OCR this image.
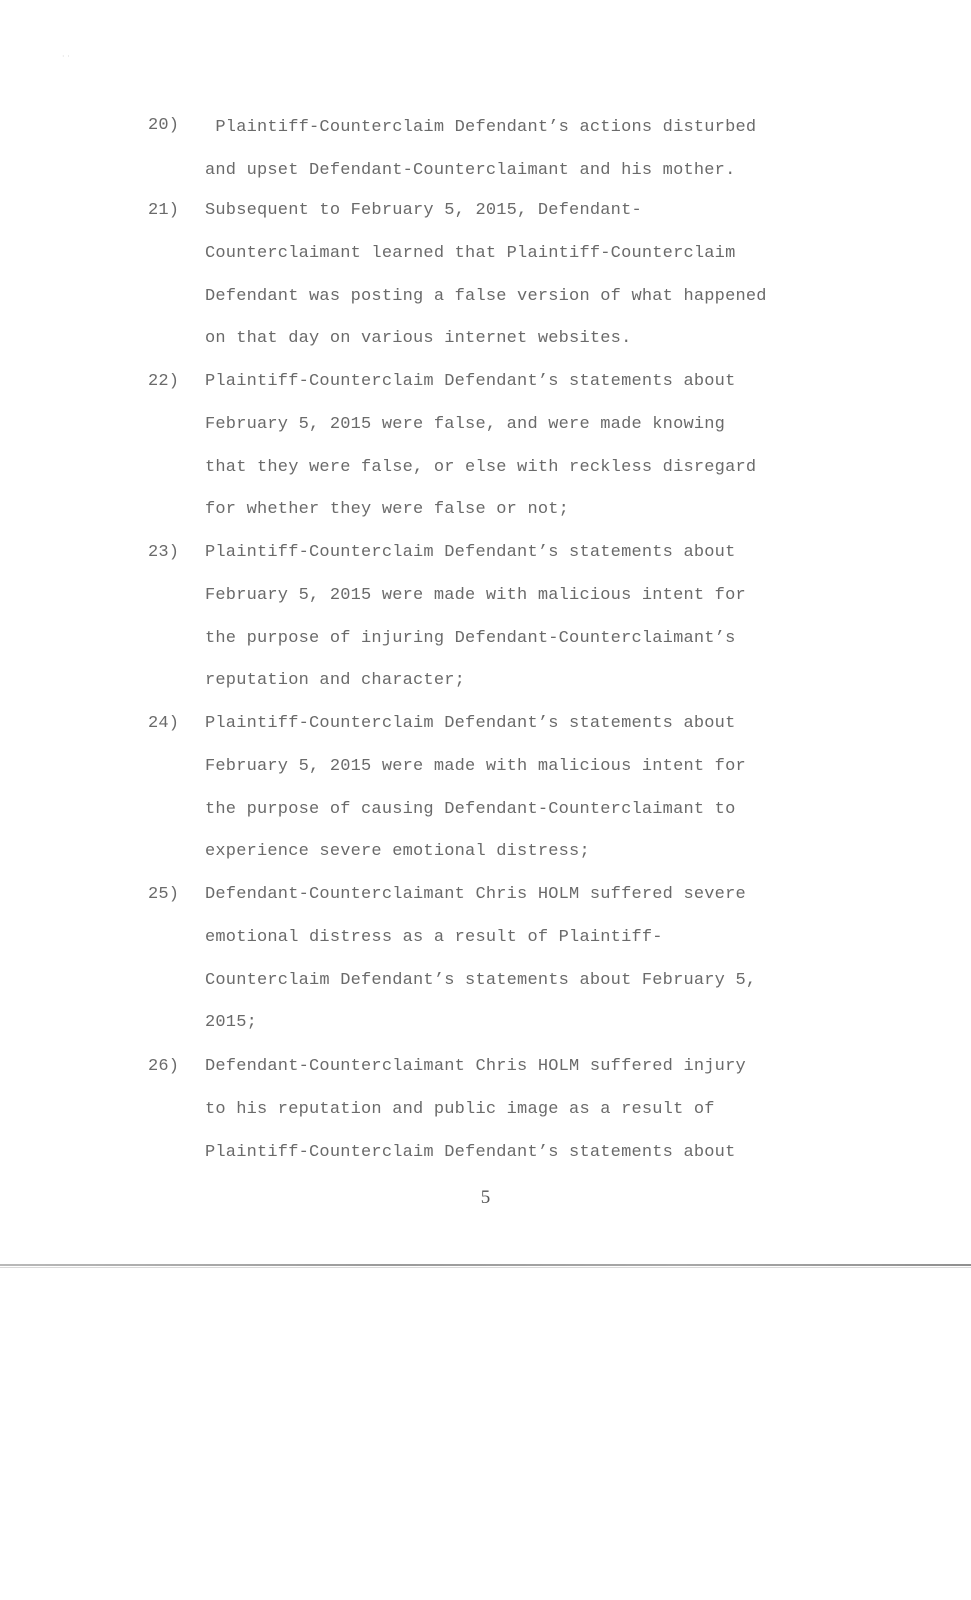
· ·
20) Plaintiff-Counterclaim Defendant’s actions disturbed
and upset Defendant-Counterclaimant and his mother.
21) Subsequent to February 5, 2015, Defendant-
Counterclaimant learned that Plaintiff-Counterclaim
Defendant was posting a false version of what happened
on that day on various internet websites.
22) Plaintiff-Counterclaim Defendant’s statements about
February 5, 2015 were false, and were made knowing
that they were false, or else with reckless disregard
for whether they were false or not;
23) Plaintiff-Counterclaim Defendant’s statements about
February 5, 2015 were made with malicious intent for
the purpose of injuring Defendant-Counterclaimant’s
reputation and character;
24) Plaintiff-Counterclaim Defendant’s statements about
February 5, 2015 were made with malicious intent for
the purpose of causing Defendant-Counterclaimant to
experience severe emotional distress;
25) Defendant-Counterclaimant Chris HOLM suffered severe
emotional distress as a result of Plaintiff-
Counterclaim Defendant’s statements about February 5,
2015;
26) Defendant-Counterclaimant Chris HOLM suffered injury
to his reputation and public image as a result of
Plaintiff-Counterclaim Defendant’s statements about
5
